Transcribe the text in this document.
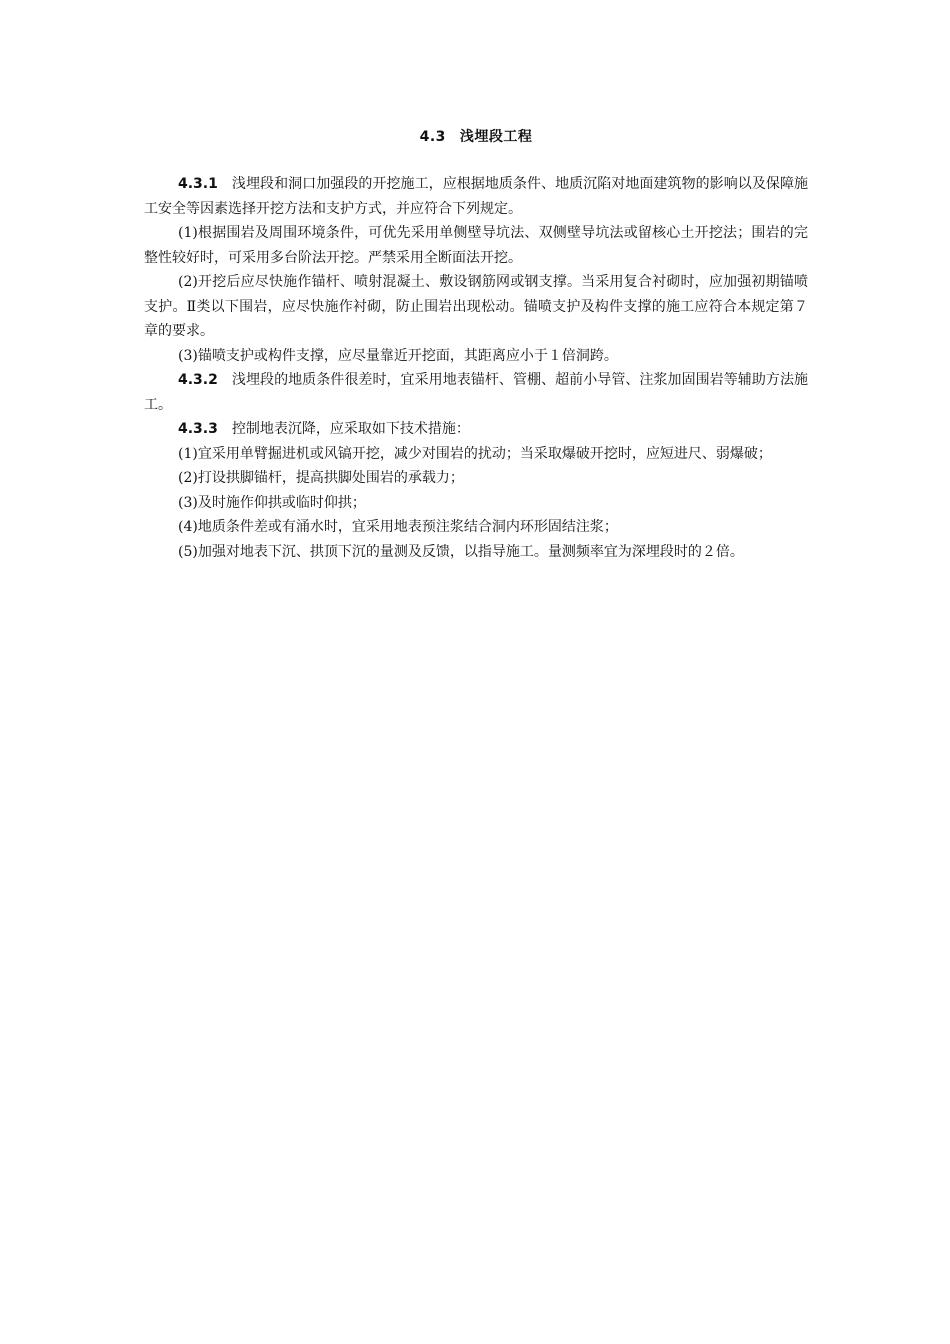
4.3 浅埋段工程

4.3.1 浅埋段和洞口加强段的开挖施工，应根据地质条件、地质沉陷对地面建筑物的影响以及保障施工安全等因素选择开挖方法和支护方式，并应符合下列规定。

(1)根据围岩及周围环境条件，可优先采用单侧壁导坑法、双侧壁导坑法或留核心土开挖法；围岩的完整性较好时，可采用多台阶法开挖。严禁采用全断面法开挖。

(2)开挖后应尽快施作锚杆、喷射混凝土、敷设钢筋网或钢支撑。当采用复合衬砌时，应加强初期锚喷支护。Ⅱ类以下围岩，应尽快施作衬砌，防止围岩出现松动。锚喷支护及构件支撑的施工应符合本规定第７章的要求。

(3)锚喷支护或构件支撑，应尽量靠近开挖面，其距离应小于１倍洞跨。

4.3.2 浅埋段的地质条件很差时，宜采用地表锚杆、管棚、超前小导管、注浆加固围岩等辅助方法施工。

4.3.3 控制地表沉降，应采取如下技术措施：

(1)宜采用单臂掘进机或风镐开挖，减少对围岩的扰动；当采取爆破开挖时，应短进尺、弱爆破；

(2)打设拱脚锚杆，提高拱脚处围岩的承载力；

(3)及时施作仰拱或临时仰拱；

(4)地质条件差或有涌水时，宜采用地表预注浆结合洞内环形固结注浆；

(5)加强对地表下沉、拱顶下沉的量测及反馈，以指导施工。量测频率宜为深埋段时的２倍。
